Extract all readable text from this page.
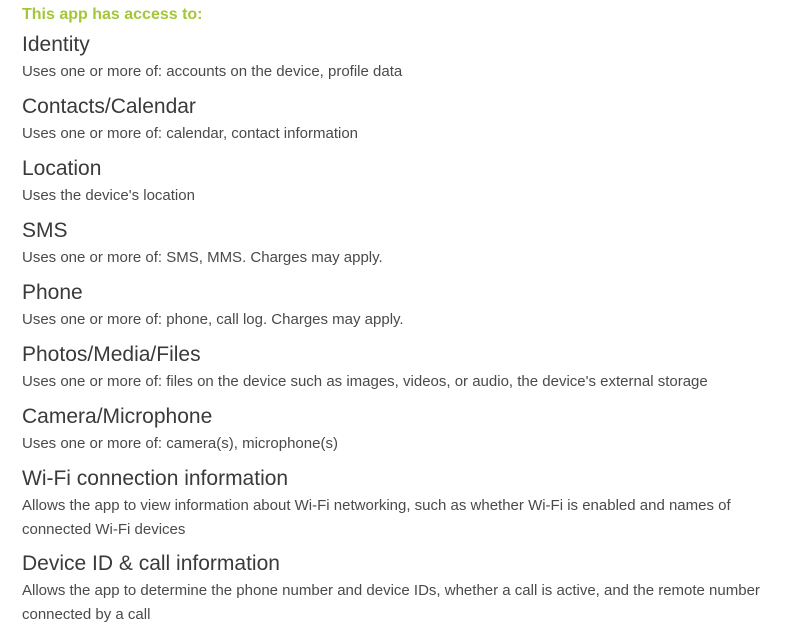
This app has access to:
Identity
Uses one or more of: accounts on the device, profile data
Contacts/Calendar
Uses one or more of: calendar, contact information
Location
Uses the device's location
SMS
Uses one or more of: SMS, MMS. Charges may apply.
Phone
Uses one or more of: phone, call log. Charges may apply.
Photos/Media/Files
Uses one or more of: files on the device such as images, videos, or audio, the device's external storage
Camera/Microphone
Uses one or more of: camera(s), microphone(s)
Wi-Fi connection information
Allows the app to view information about Wi-Fi networking, such as whether Wi-Fi is enabled and names of connected Wi-Fi devices
Device ID & call information
Allows the app to determine the phone number and device IDs, whether a call is active, and the remote number connected by a call
